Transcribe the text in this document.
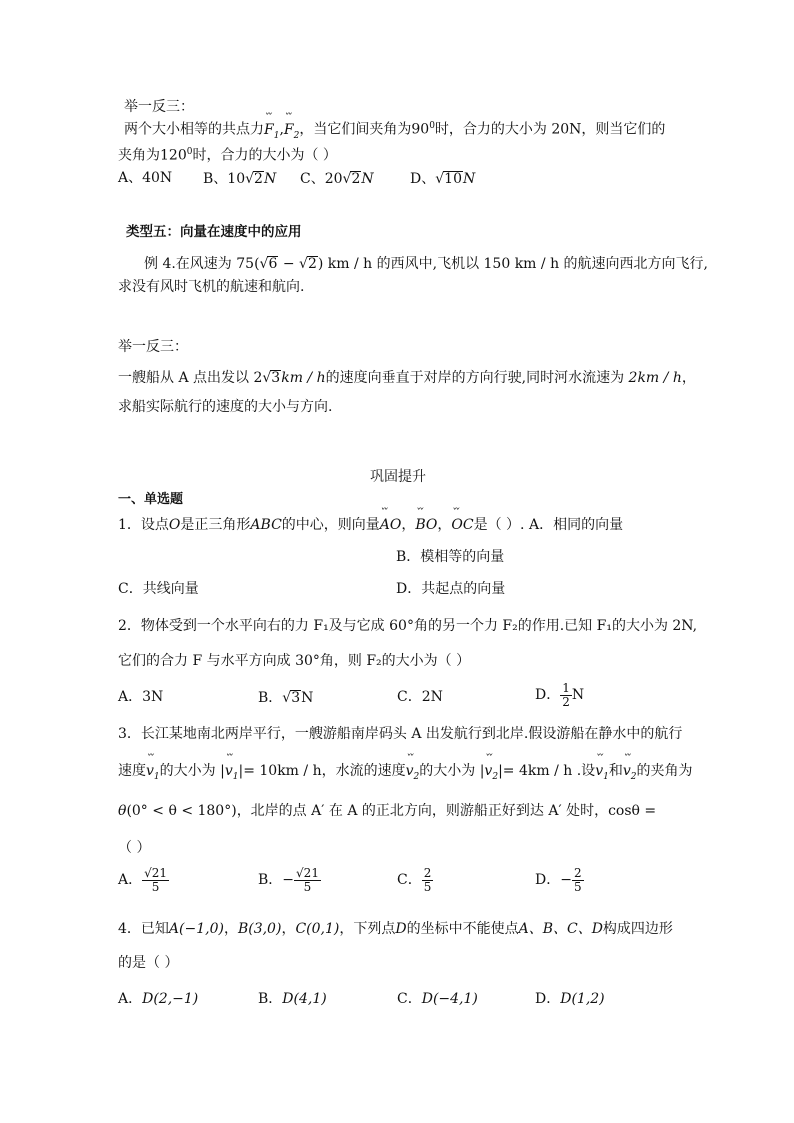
举一反三：
两个大小相等的共点力ˇˇ $F_1,ˇˇ$ $F_2$，当它们间夹角为$90^0$时，合力的大小为 20N，则当它们的
夹角为$120^0$时，合力的大小为（ ）
A、40N B、10√2N C、20√2N	D、√10N
类型五：向量在速度中的应用
例 4.在风速为 75(√6 − √2) km / h 的西风中,飞机以 150 km / h 的航速向西北方向飞行,
求没有风时飞机的航速和航向.
举一反三：
一艘船从 A 点出发以 2√3km / h的速度向垂直于对岸的方向行驶,同时河水流速为 2km / h，
求船实际航行的速度的大小与方向.
巩固提升
一、单选题
1．设点O是正三角形ABC的中心，则向量ˇˇ AO，ˇˇ BO，ˇˇ OC是（ ）. A．相同的向量
B．模相等的向量
C．共线向量	D．共起点的向量
2．物体受到一个水平向右的力 F₁及与它成 60°角的另一个力 F₂的作用.已知 F₁的大小为 2N,
它们的合力 F 与水平方向成 30°角，则 F₂的大小为（ ）
A．3N	B．√3N	C．2N	D． $\frac{1}{2}$ N
3．长江某地南北两岸平行，一艘游船南岸码头 A 出发航行到北岸.假设游船在静水中的航行
速度ˇˇ $v_1$的大小为 |ˇˇ $v_1|= 10km / h$，水流的速度ˇˇ $v_2$的大小为 |ˇˇ $v_2|= 4km / h$ .设ˇˇ $v_1$和ˇˇ $v_2$的夹角为
θ(0° < θ < 180°)，北岸的点 A′ 在 A 的正北方向，则游船正好到达 A′ 处时，cosθ =
（ ）
A． $\frac{√21}{5}$	B．− $\frac{√21}{5}$	C． $\frac{2}{5}$	D．− $\frac{2}{5}$
4．已知A(−1,0)，B(3,0)，C(0,1)，下列点D的坐标中不能使点A、B、C、D构成四边形
的是（ ）
A．D(2,−1)	B．D(4,1)	C．D(−4,1)	D．D(1,2)
